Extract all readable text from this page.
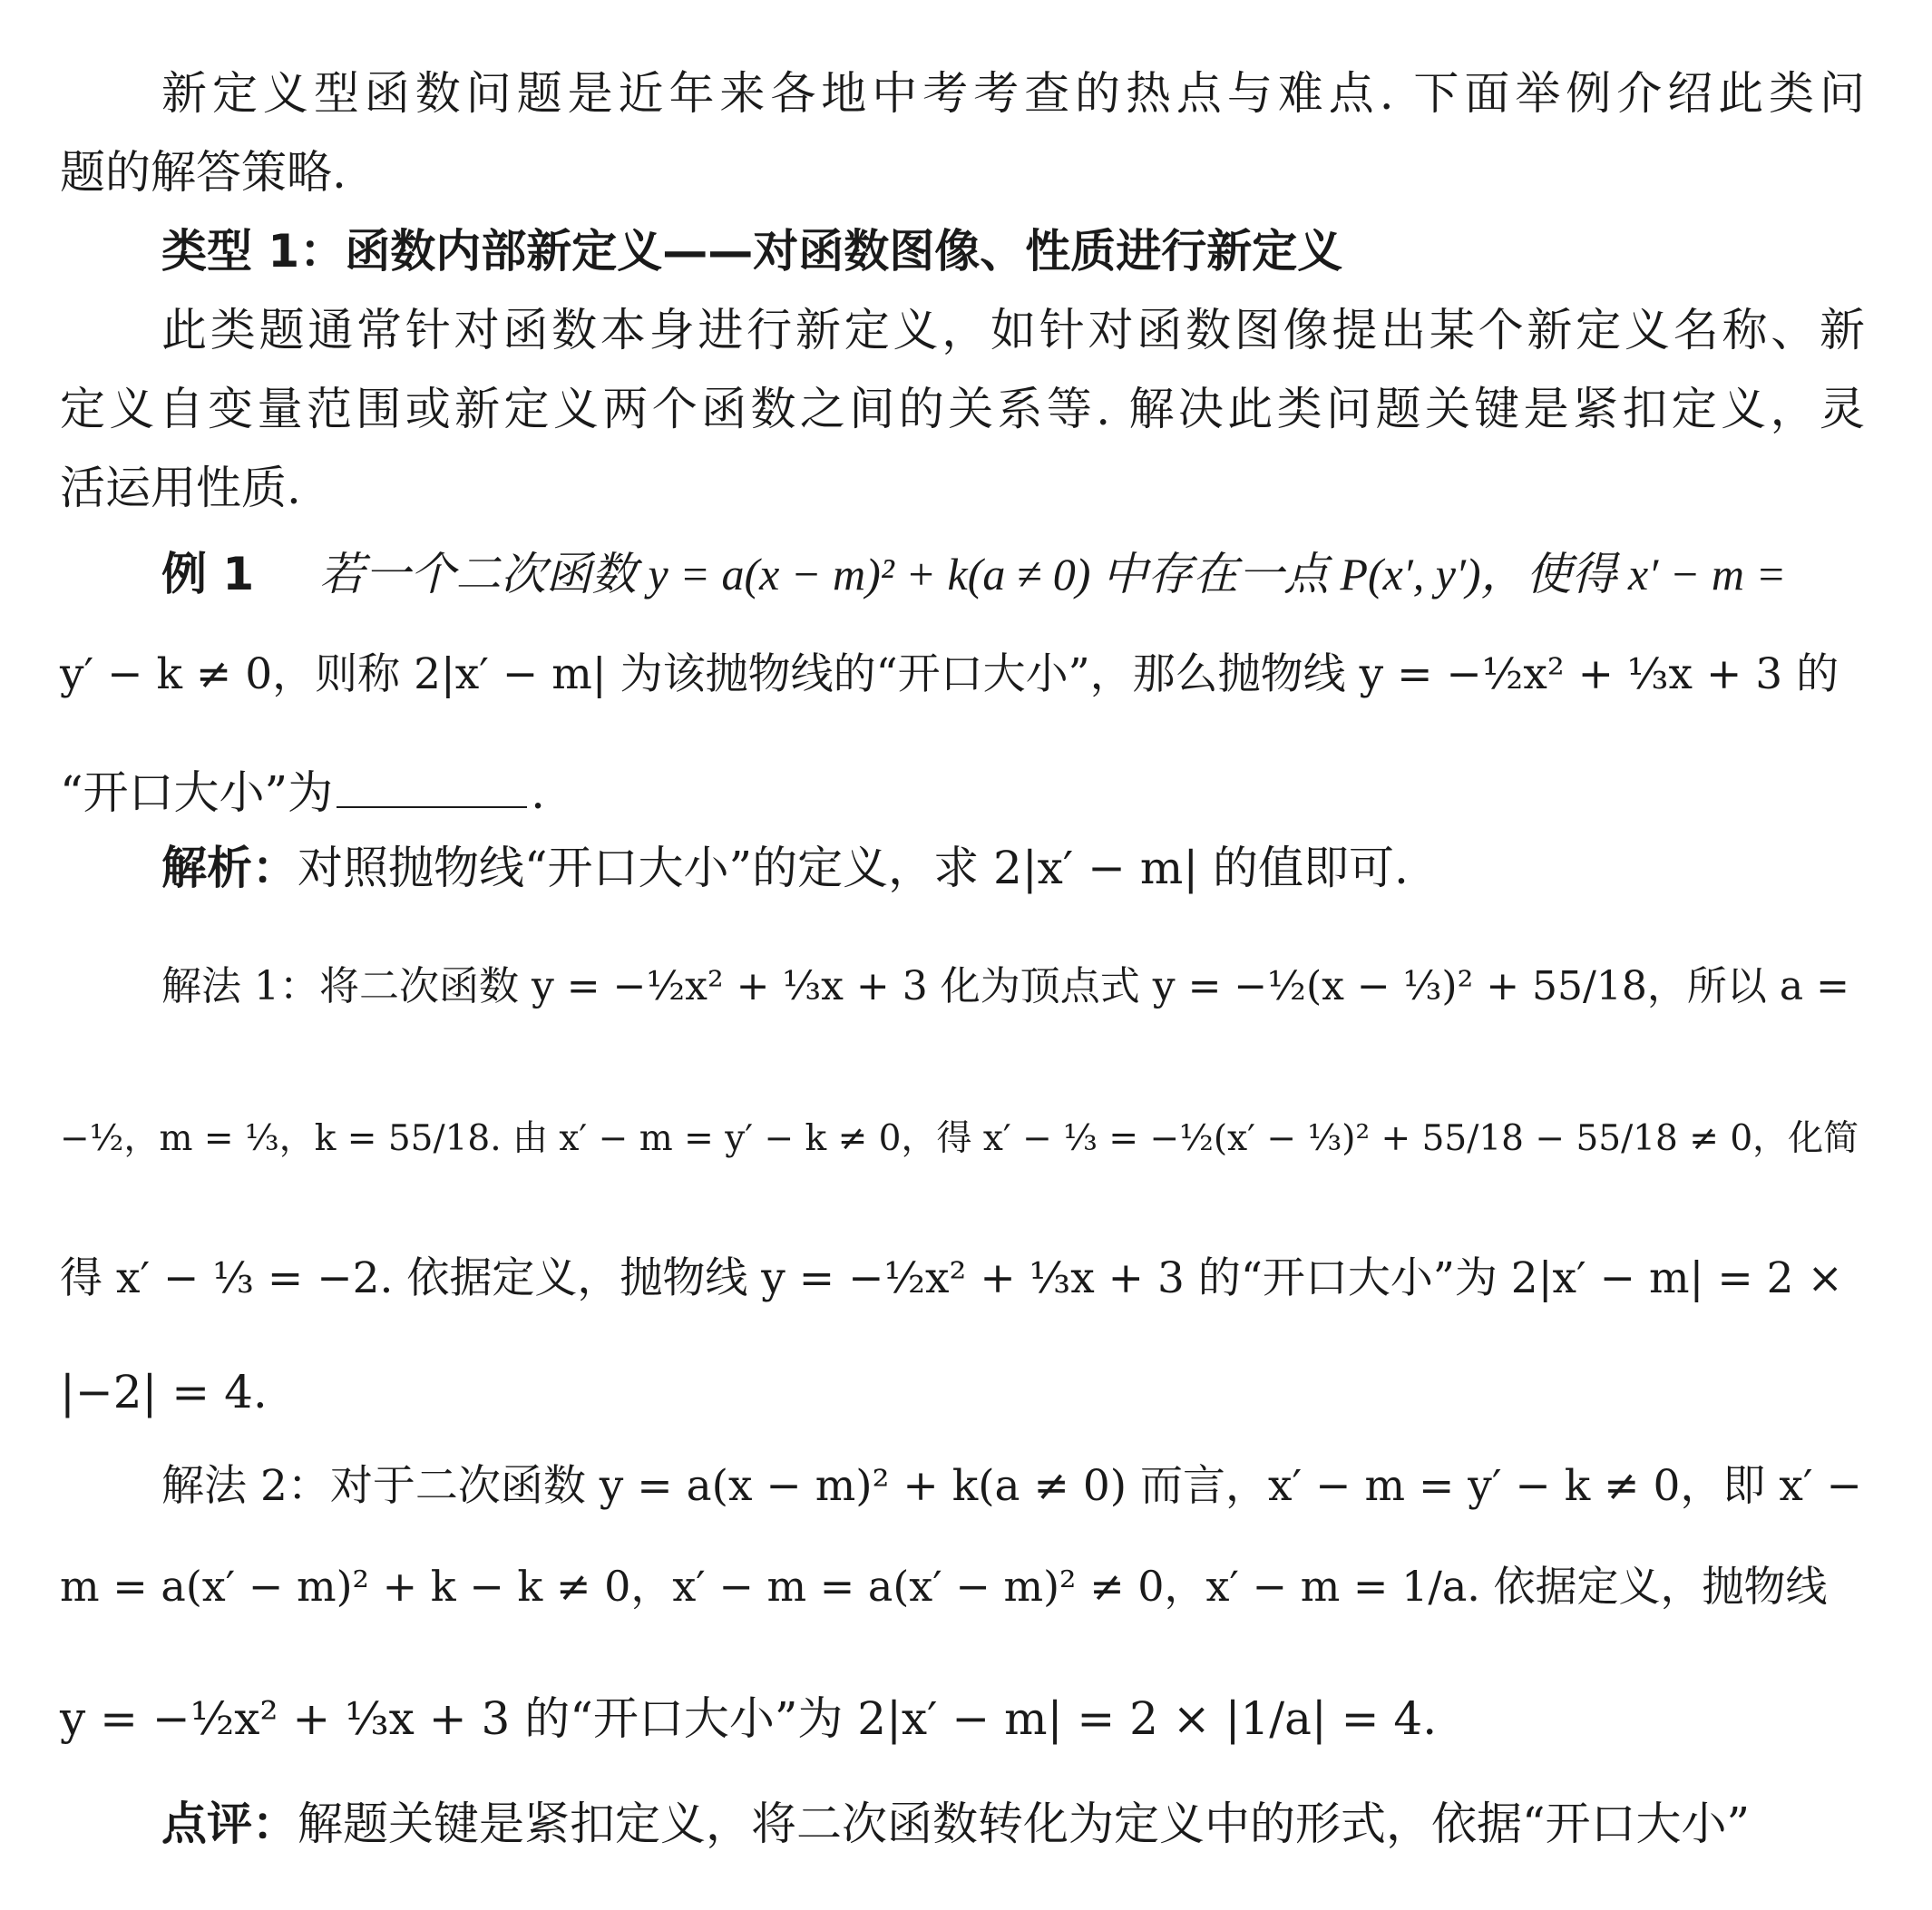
新定义型函数问题是近年来各地中考考查的热点与难点. 下面举例介绍此类问
题的解答策略.
类型 1：函数内部新定义——对函数图像、性质进行新定义
此类题通常针对函数本身进行新定义，如针对函数图像提出某个新定义名称、新
定义自变量范围或新定义两个函数之间的关系等. 解决此类问题关键是紧扣定义，灵
活运用性质.
例 1 若一个二次函数 y = a(x − m)² + k(a ≠ 0) 中存在一点 P(x′, y′)，使得 x′ − m =
y′ − k ≠ 0，则称 2|x′ − m| 为该抛物线的“开口大小”，那么抛物线 y = −½x² + ⅓x + 3 的
“开口大小”为	.
解析：对照抛物线“开口大小”的定义，求 2|x′ − m| 的值即可.
解法 1：将二次函数 y = −½x² + ⅓x + 3 化为顶点式 y = −½(x − ⅓)² + 55/18，所以 a =
−½，m = ⅓，k = 55/18. 由 x′ − m = y′ − k ≠ 0，得 x′ − ⅓ = −½(x′ − ⅓)² + 55/18 − 55/18 ≠ 0，化简
得 x′ − ⅓ = −2. 依据定义，抛物线 y = −½x² + ⅓x + 3 的“开口大小”为 2|x′ − m| = 2 ×
|−2| = 4.
解法 2：对于二次函数 y = a(x − m)² + k(a ≠ 0) 而言，x′ − m = y′ − k ≠ 0，即 x′ −
m = a(x′ − m)² + k − k ≠ 0，x′ − m = a(x′ − m)² ≠ 0，x′ − m = 1/a. 依据定义，抛物线
y = −½x² + ⅓x + 3 的“开口大小”为 2|x′ − m| = 2 × |1/a| = 4.
点评：解题关键是紧扣定义，将二次函数转化为定义中的形式，依据“开口大小”
